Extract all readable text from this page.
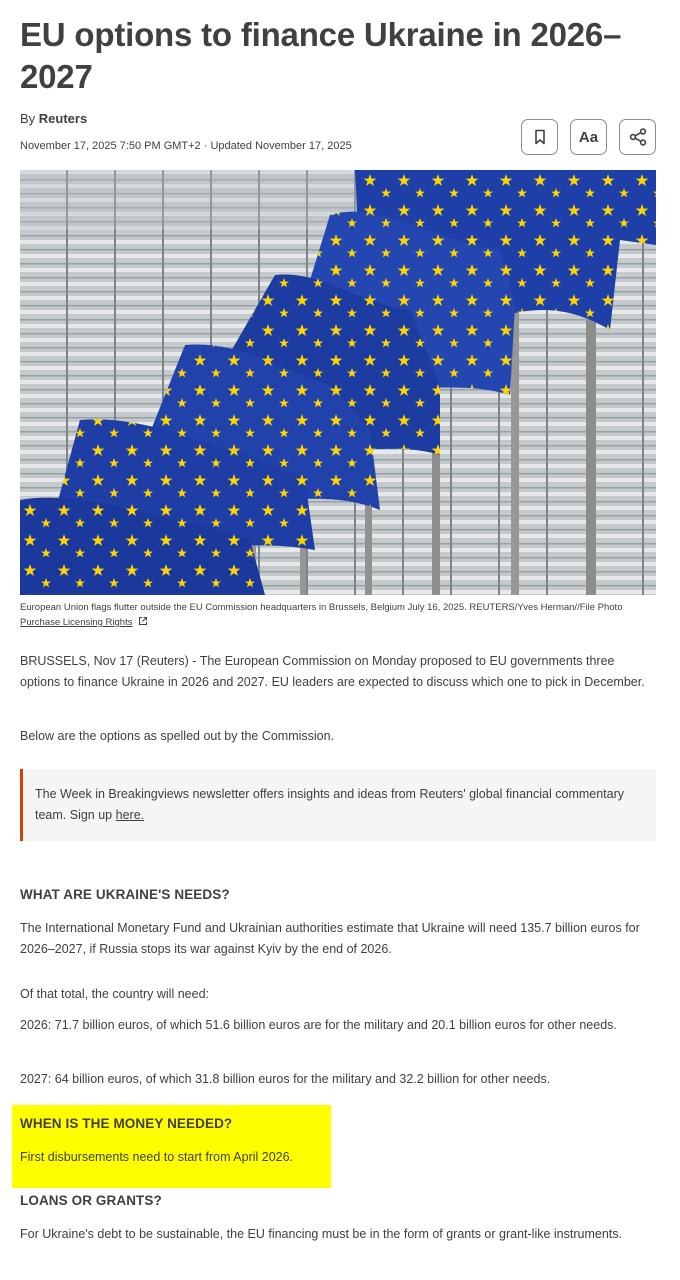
EU options to finance Ukraine in 2026–2027
By Reuters
November 17, 2025 7:50 PM GMT+2 · Updated November 17, 2025
Aa
European Union flags flutter outside the EU Commission headquarters in Brussels, Belgium July 16, 2025. REUTERS/Yves Herman//File Photo Purchase Licensing Rights

BRUSSELS, Nov 17 (Reuters) - The European Commission on Monday proposed to EU governments three options to finance Ukraine in 2026 and 2027. EU leaders are expected to discuss which one to pick in December.

Below are the options as spelled out by the Commission.

The Week in Breakingviews newsletter offers insights and ideas from Reuters' global financial commentary team. Sign up here.
WHAT ARE UKRAINE'S NEEDS?

The International Monetary Fund and Ukrainian authorities estimate that Ukraine will need 135.7 billion euros for 2026–2027, if Russia stops its war against Kyiv by the end of 2026.

Of that total, the country will need:

2026: 71.7 billion euros, of which 51.6 billion euros are for the military and 20.1 billion euros for other needs.

2027: 64 billion euros, of which 31.8 billion euros for the military and 32.2 billion for other needs.

WHEN IS THE MONEY NEEDED?

First disbursements need to start from April 2026.

LOANS OR GRANTS?

For Ukraine's debt to be sustainable, the EU financing must be in the form of grants or grant-like instruments.
